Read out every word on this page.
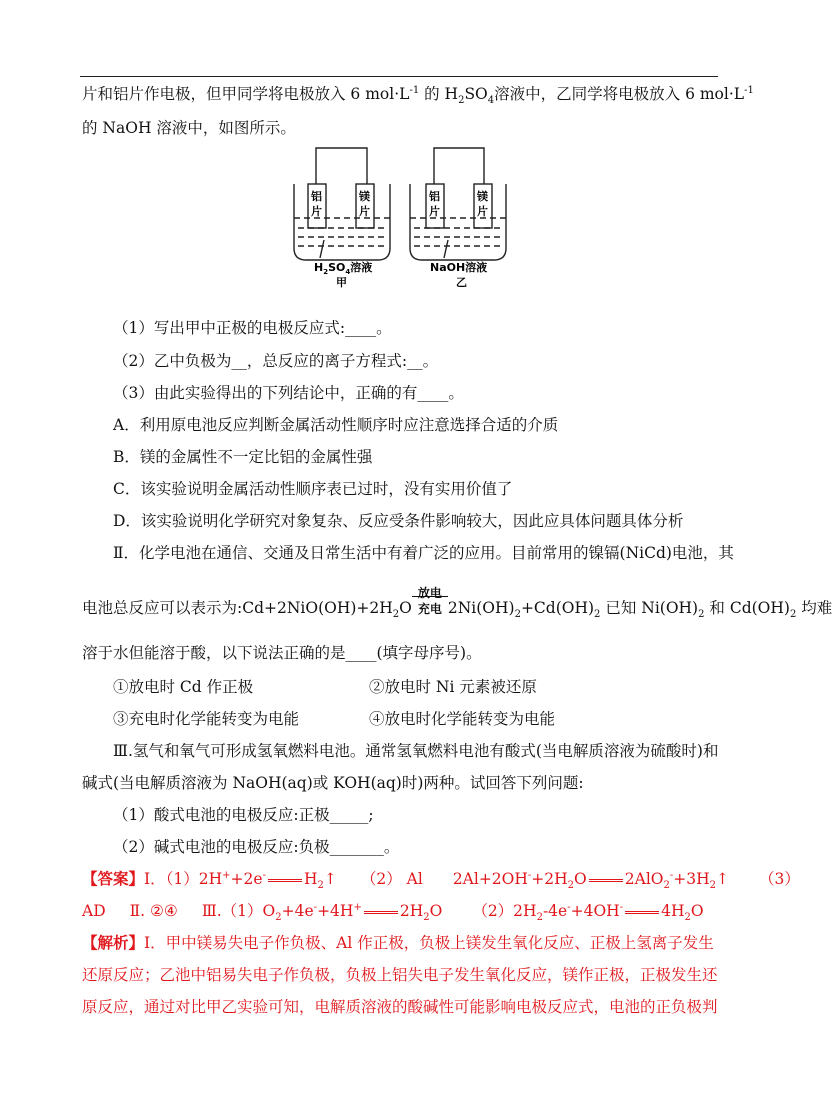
片和铝片作电极，但甲同学将电极放入 6 $mol\cdot L^{-1}$ 的 $H_2SO_4$溶液中，乙同学将电极放入 6 $mol\cdot L^{-1}$
的 NaOH 溶液中，如图所示。
铝
片
镁
片
$H_2SO_4$溶液
甲
铝
片
镁
片
NaOH溶液
乙
（1）写出甲中正极的电极反应式:____。
（2）乙中负极为__，总反应的离子方程式:__。
（3）由此实验得出的下列结论中，正确的有____。
A．利用原电池反应判断金属活动性顺序时应注意选择合适的介质
B．镁的金属性不一定比铝的金属性强
C．该实验说明金属活动性顺序表已过时，没有实用价值了
D．该实验说明化学研究对象复杂、反应受条件影响较大，因此应具体问题具体分析
Ⅱ．化学电池在通信、交通及日常生活中有着广泛的应用。目前常用的镍镉(NiCd)电池，其
电池总反应可以表示为$:Cd+2NiO(OH)+2H_2O$
放电
充电 $2Ni(OH)_2+Cd(OH)_2$ 已知 $Ni(OH)_2$ 和 $Cd(OH)_2$ 均难
溶于水但能溶于酸，以下说法正确的是____(填字母序号)。
①放电时 Cd 作正极	②放电时 Ni 元素被还原
③充电时化学能转变为电能	④放电时化学能转变为电能
Ⅲ.氢气和氧气可形成氢氧燃料电池。通常氢氧燃料电池有酸式(当电解质溶液为硫酸时)和
碱式(当电解质溶液为 NaOH(aq)或 KOH(aq)时)两种。试回答下列问题:
（1）酸式电池的电极反应:正极_____;
（2）碱式电池的电极反应:负极_______。
【答案】Ⅰ．（1）2H++2e- $H_2↑$ （2） Al $2Al+2OH^-+2H_2O$ $2AlO_2^-+3H_2↑$ （3）
AD Ⅱ. ②④ $Ⅲ.(1)O_2+4e^-+4H^+$ $2H_2O$ $(2)2H_2-4e^-+4OH^-$ $4H_2O$
【解析】Ⅰ．甲中镁易失电子作负极、Al 作正极，负极上镁发生氧化反应、正极上氢离子发生
还原反应；乙池中铝易失电子作负极，负极上铝失电子发生氧化反应，镁作正极，正极发生还
原反应，通过对比甲乙实验可知，电解质溶液的酸碱性可能影响电极反应式，电池的正负极判
